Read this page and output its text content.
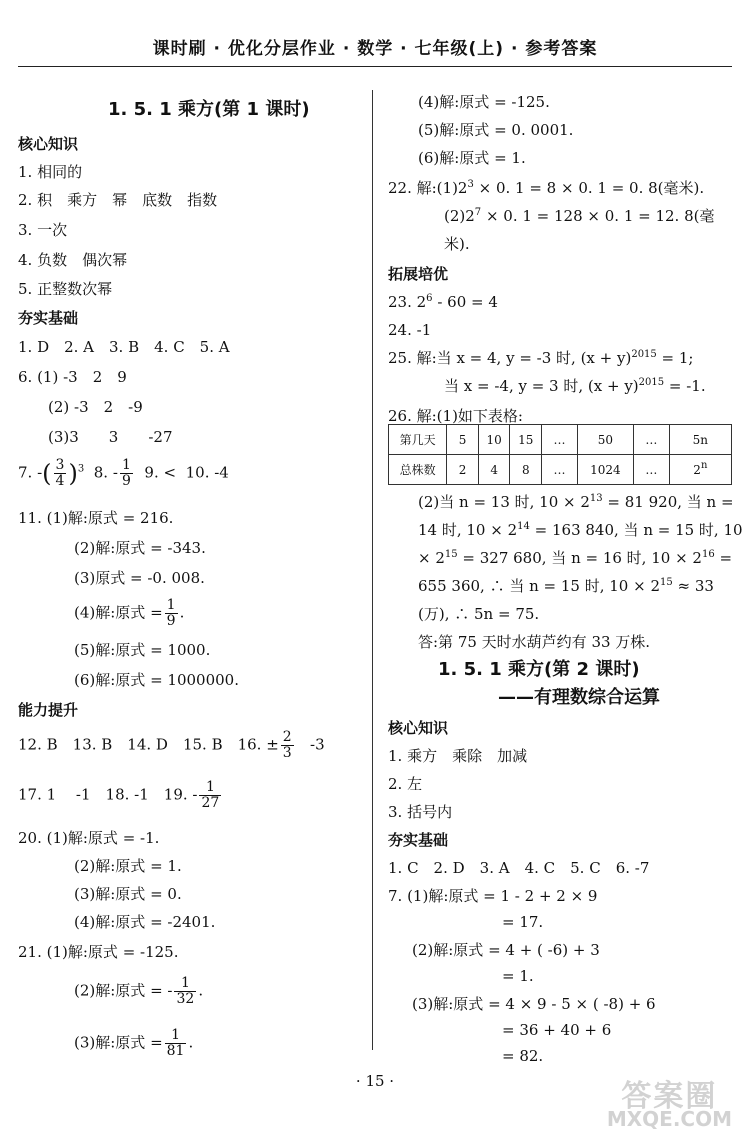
课时刷 · 优化分层作业 · 数学 · 七年级(上) · 参考答案
1. 5. 1 乘方(第 1 课时)
核心知识
1. 相同的
2. 积　乘方　幂　底数　指数
3. 一次
4. 负数　偶次幂
5. 正整数次幂
夯实基础
1. D　2. A　3. B　4. C　5. A
6. (1) -3　2　9
(2) -3　2　-9
(3)3　　3　　-27
7. -( $\frac{3}{4} )^3$ 8. - $\frac{1}{9} 9$. < 10. -4
11. (1)解:原式 = 216.
(2)解:原式 = -343.
(3)原式 = -0. 008.
(4)解:原式 = $\frac{1}{9}$ .
(5)解:原式 = 1000.
(6)解:原式 = 1000000.
能力提升
12. B　13. B　14. D　15. B　16. ± $\frac{2}{3} -3$
17. 1　 -1　18. -1　19. - $\frac{1}{27}$
20. (1)解:原式 = -1.
(2)解:原式 = 1.
(3)解:原式 = 0.
(4)解:原式 = -2401.
21. (1)解:原式 = -125.
(2)解:原式 = - $\frac{1}{32}$ .
(3)解:原式 = $\frac{1}{81}$ .
(4)解:原式 = -125.
(5)解:原式 = 0. 0001.
(6)解:原式 = 1.
22. 解$:(1)2^3 \times 0$. 1 = 8 × 0. 1 = 0. 8(毫米).
$(2)2^7 \times 0$. 1 = 128 × 0. 1 = 12. 8(毫
米).
拓展培优
23. $2^6 - 60 = 4$
24. -1
25. 解:当 x = 4, y = -3 时, $(x + y)^{2015} = 1$;
当 x = -4, y = 3 时, $(x + y)^{2015} = -1$.
26. 解:(1)如下表格:
第几天	5	10	15	…	50	…	5n
总株数	2	4	8	…	1024	…	2$^n$
(2)当 n = 13 时, $10 \times 2^{13} = 81$ 920, 当 n =
14 时, $10 \times 2^{14} = 163$ 840, 当 n = 15 时, 10
× $2^{15} = 327$ 680, 当 n = 16 时, $10 \times 2^{16}$ =
655 360, ∴ 当 n = 15 时, $10 \times 2^{15} \approx 33$
(万), ∴ 5n = 75.
答:第 75 天时水葫芦约有 33 万株.
1. 5. 1 乘方(第 2 课时)
——有理数综合运算
核心知识
1. 乘方　乘除　加减
2. 左
3. 括号内
夯实基础
1. C　2. D　3. A　4. C　5. C　6. -7
7. (1)解:原式 = 1 - 2 + 2 × 9
= 17.
(2)解:原式 = 4 + ( -6) + 3
= 1.
(3)解:原式 = 4 × 9 - 5 × ( -8) + 6
= 36 + 40 + 6
= 82.
· 15 ·	答案圈
MXQE.COM
